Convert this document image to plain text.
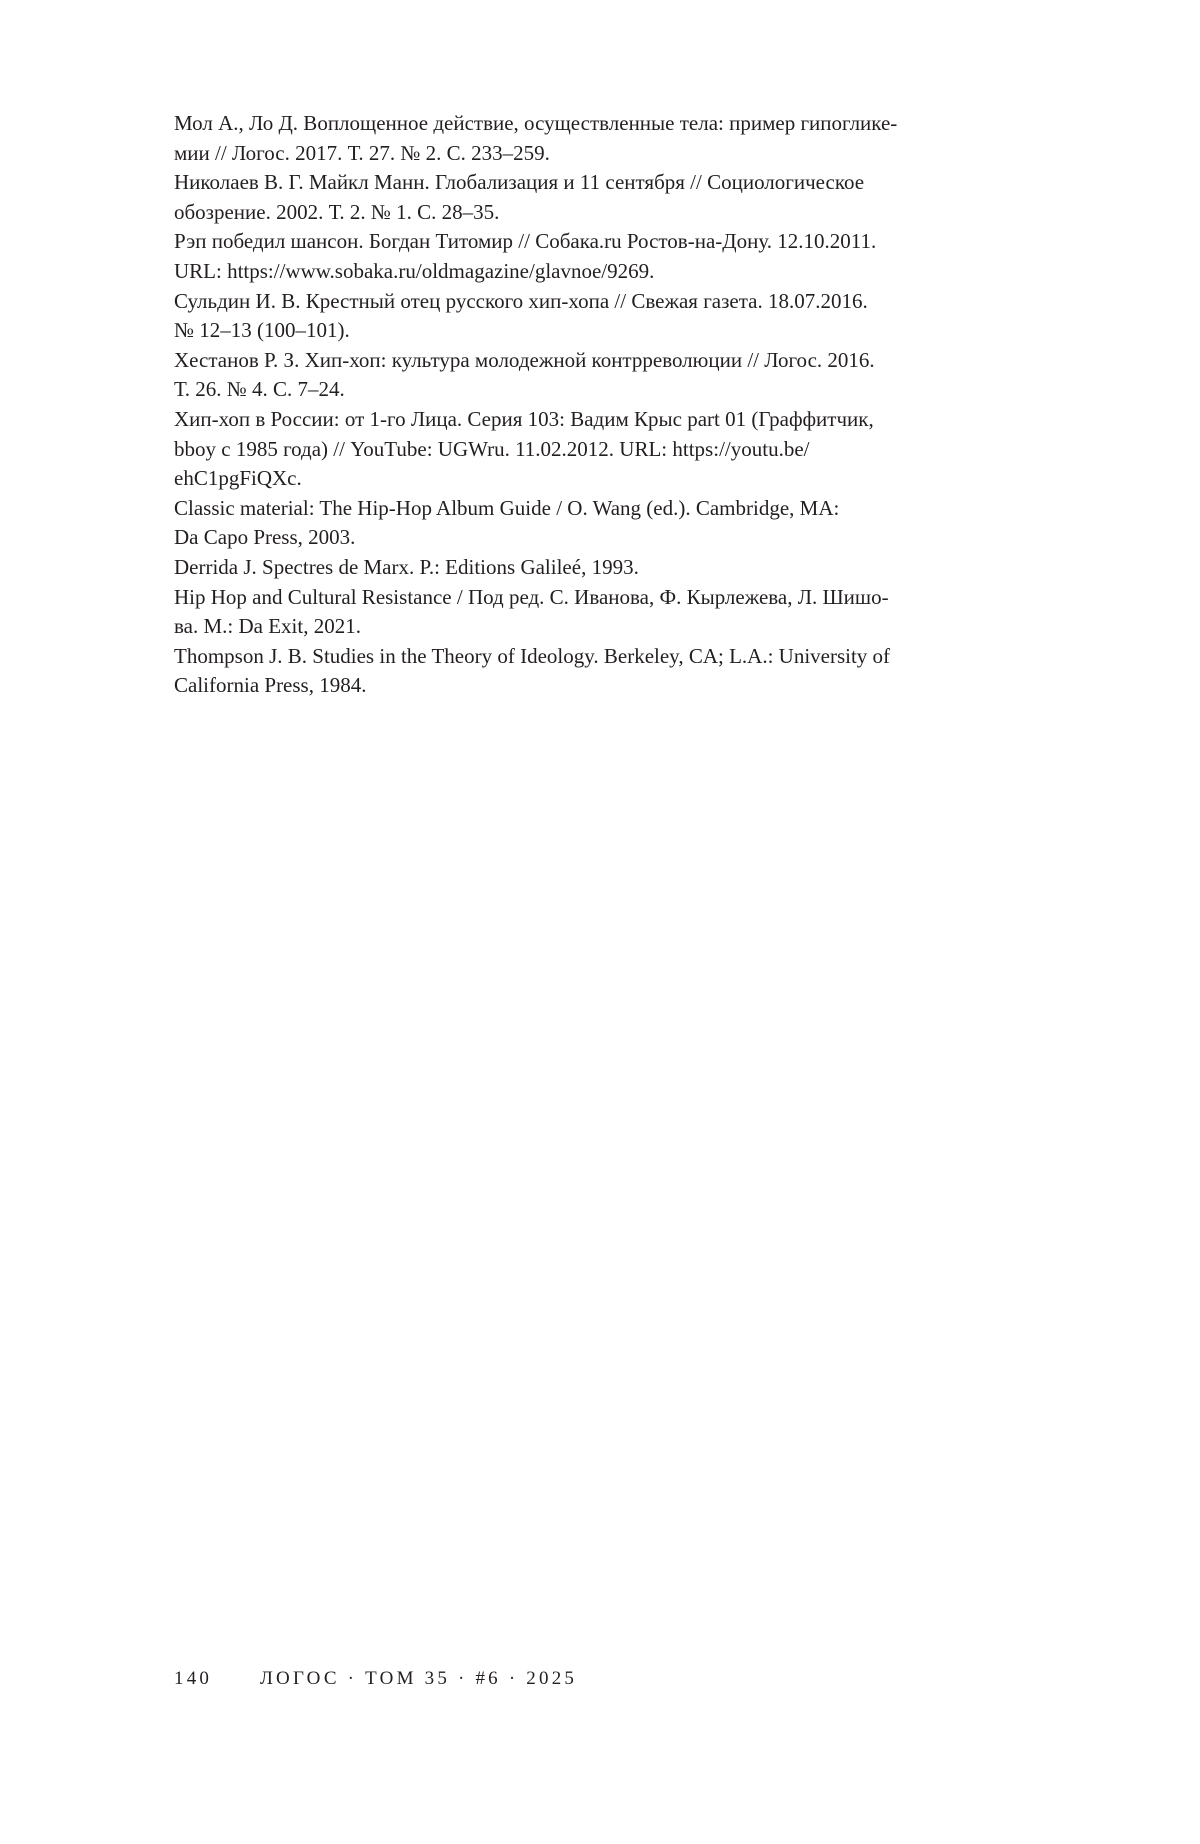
Мол А., Ло Д. Воплощенное действие, осуществленные тела: пример гипоглике-
мии // Логос. 2017. Т. 27. № 2. С. 233–259.
Николаев В. Г. Майкл Манн. Глобализация и 11 сентября // Социологическое
обозрение. 2002. Т. 2. № 1. С. 28–35.
Рэп победил шансон. Богдан Титомир // Собака.ru Ростов-на-Дону. 12.10.2011.
URL: https://www.sobaka.ru/oldmagazine/glavnoe/9269.
Сульдин И. В. Крестный отец русского хип-хопа // Свежая газета. 18.07.2016.
№ 12–13 (100–101).
Хестанов Р. З. Хип-хоп: культура молодежной контрреволюции // Логос. 2016.
Т. 26. № 4. С. 7–24.
Хип-хоп в России: от 1-го Лица. Серия 103: Вадим Крыс part 01 (Граффитчик,
bboy с 1985 года) // YouTube: UGWru. 11.02.2012. URL: https://youtu.be/
ehC1pgFiQXc.
Classic material: The Hip-Hop Album Guide / O. Wang (ed.). Cambridge, MA:
Da Capo Press, 2003.
Derrida J. Spectres de Marx. P.: Editions Galileé, 1993.
Hip Hop and Cultural Resistance / Под ред. С. Иванова, Ф. Кырлежева, Л. Шишо-
ва. M.: Da Exit, 2021.
Thompson J. B. Studies in the Theory of Ideology. Berkeley, CA; L.A.: University of
California Press, 1984.
140	ЛОГОС · ТОМ 35 · #6 · 2025
